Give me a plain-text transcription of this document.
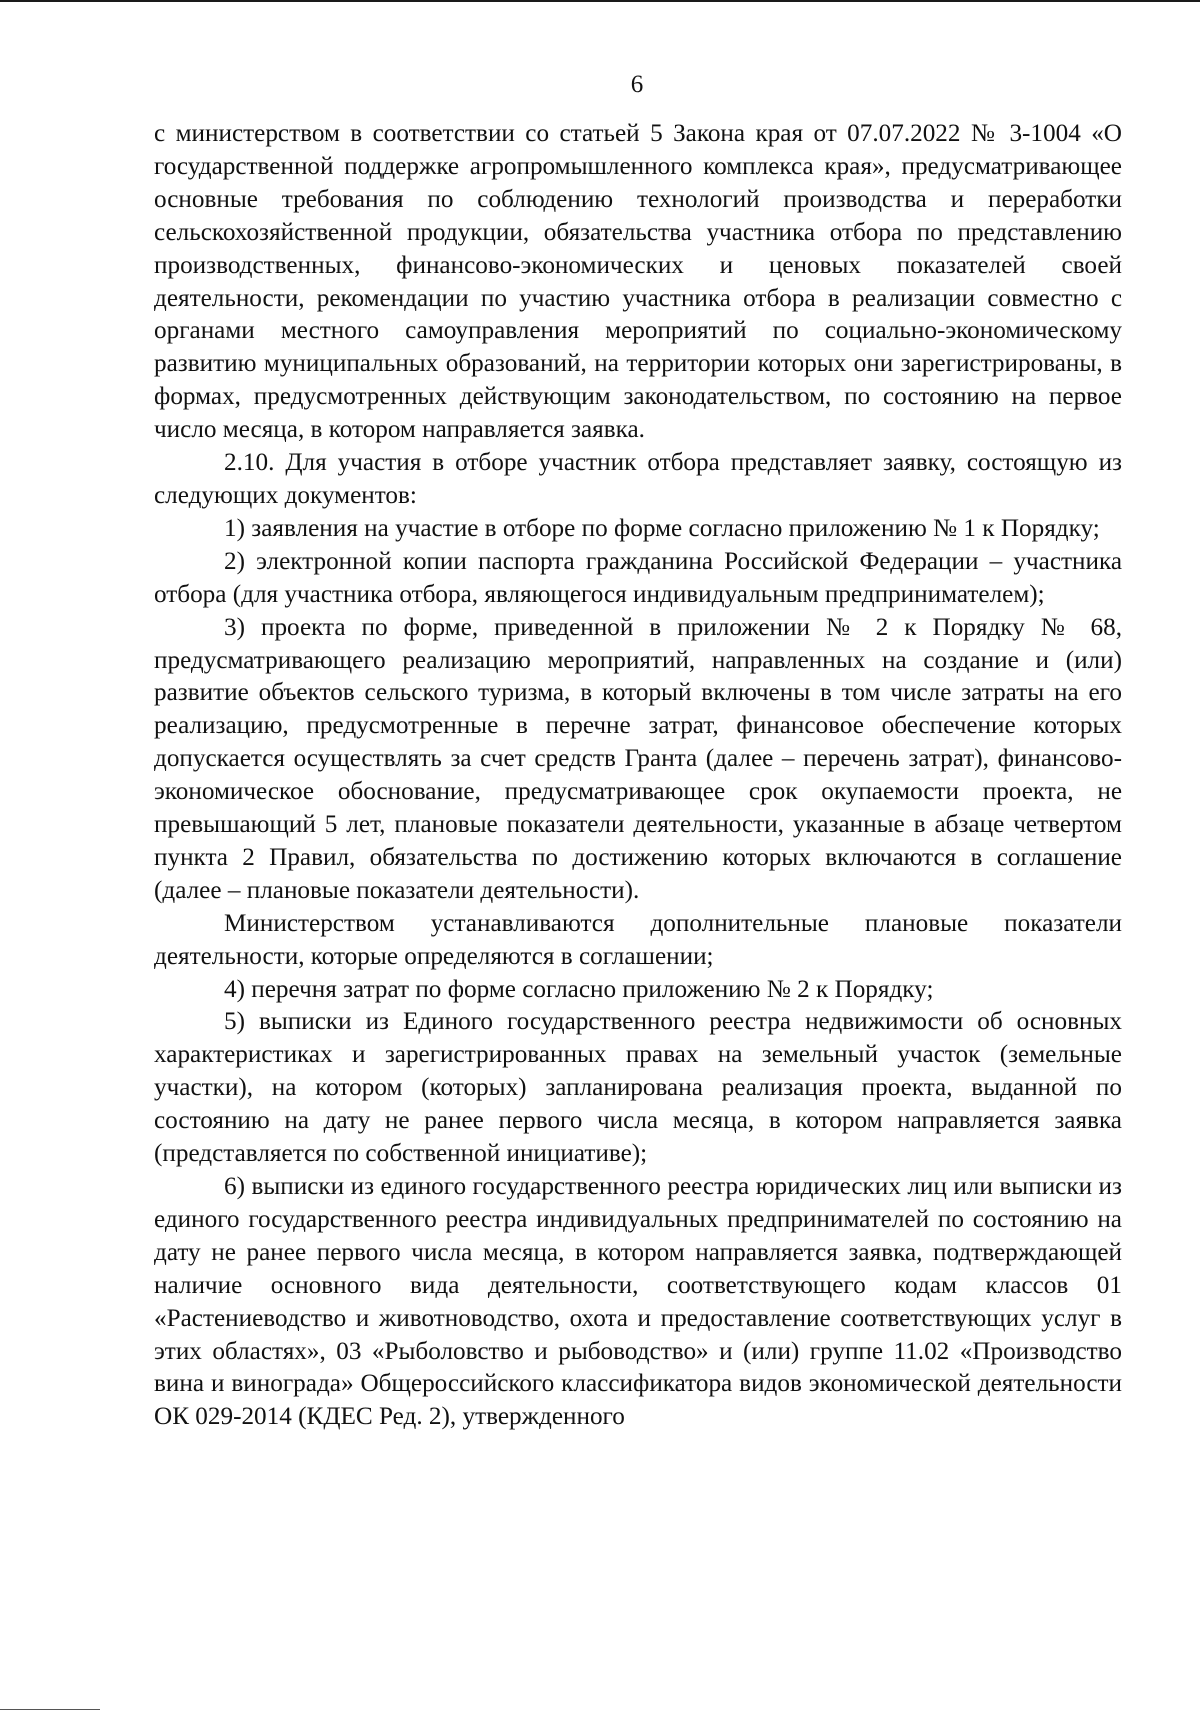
6

с министерством в соответствии со статьей 5 Закона края от 07.07.2022 № 3-1004 «О государственной поддержке агропромышленного комплекса края», предусматривающее основные требования по соблюдению технологий производства и переработки сельскохозяйственной продукции, обязательства участника отбора по представлению производственных, финансово-экономических и ценовых показателей своей деятельности, рекомендации по участию участника отбора в реализации совместно с органами местного самоуправления мероприятий по социально-экономическому развитию муниципальных образований, на территории которых они зарегистрированы, в формах, предусмотренных действующим законодательством, по состоянию на первое число месяца, в котором направляется заявка.

2.10. Для участия в отборе участник отбора представляет заявку, состоящую из следующих документов:

1) заявления на участие в отборе по форме согласно приложению № 1 к Порядку;

2) электронной копии паспорта гражданина Российской Федерации – участника отбора (для участника отбора, являющегося индивидуальным предпринимателем);

3) проекта по форме, приведенной в приложении № 2 к Порядку № 68, предусматривающего реализацию мероприятий, направленных на создание и (или) развитие объектов сельского туризма, в который включены в том числе затраты на его реализацию, предусмотренные в перечне затрат, финансовое обеспечение которых допускается осуществлять за счет средств Гранта (далее – перечень затрат), финансово-экономическое обоснование, предусматривающее срок окупаемости проекта, не превышающий 5 лет, плановые показатели деятельности, указанные в абзаце четвертом пункта 2 Правил, обязательства по достижению которых включаются в соглашение (далее – плановые показатели деятельности).

Министерством устанавливаются дополнительные плановые показатели деятельности, которые определяются в соглашении;

4) перечня затрат по форме согласно приложению № 2 к Порядку;

5) выписки из Единого государственного реестра недвижимости об основных характеристиках и зарегистрированных правах на земельный участок (земельные участки), на котором (которых) запланирована реализация проекта, выданной по состоянию на дату не ранее первого числа месяца, в котором направляется заявка (представляется по собственной инициативе);

6) выписки из единого государственного реестра юридических лиц или выписки из единого государственного реестра индивидуальных предпринимателей по состоянию на дату не ранее первого числа месяца, в котором направляется заявка, подтверждающей наличие основного вида деятельности, соответствующего кодам классов 01 «Растениеводство и животноводство, охота и предоставление соответствующих услуг в этих областях», 03 «Рыболовство и рыбоводство» и (или) группе 11.02 «Производство вина и винограда» Общероссийского классификатора видов экономической деятельности ОК 029-2014 (КДЕС Ред. 2), утвержденного
